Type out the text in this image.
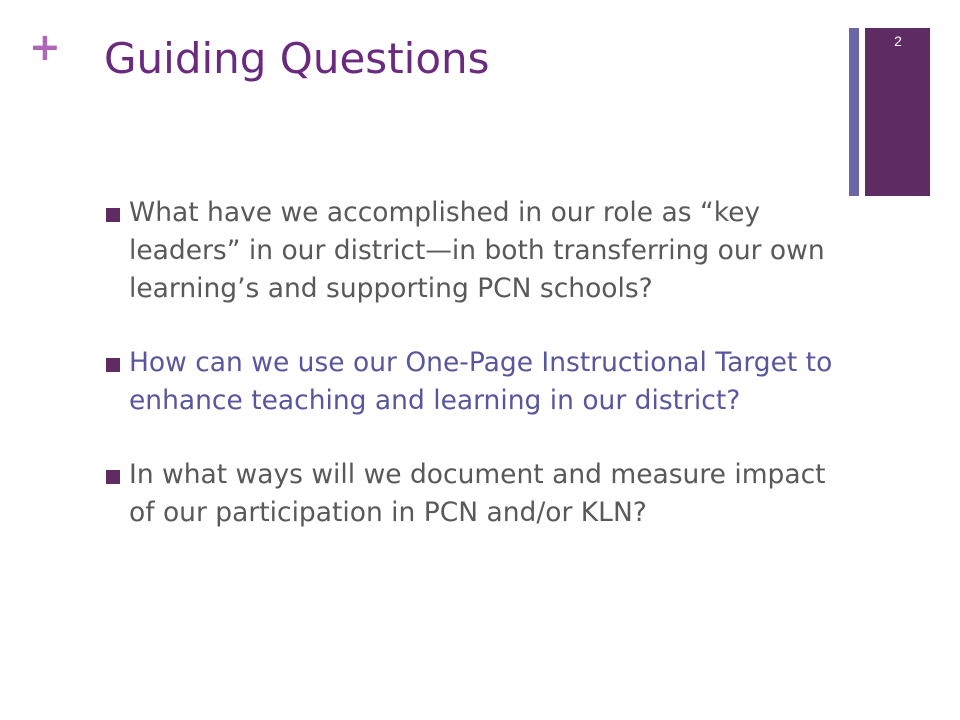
+ Guiding Questions	2
What have we accomplished in our role as “key leaders” in our district—in both transferring our own learning’s and supporting PCN schools?
How can we use our One-Page Instructional Target to enhance teaching and learning in our district?
In what ways will we document and measure impact of our participation in PCN and/or KLN?
